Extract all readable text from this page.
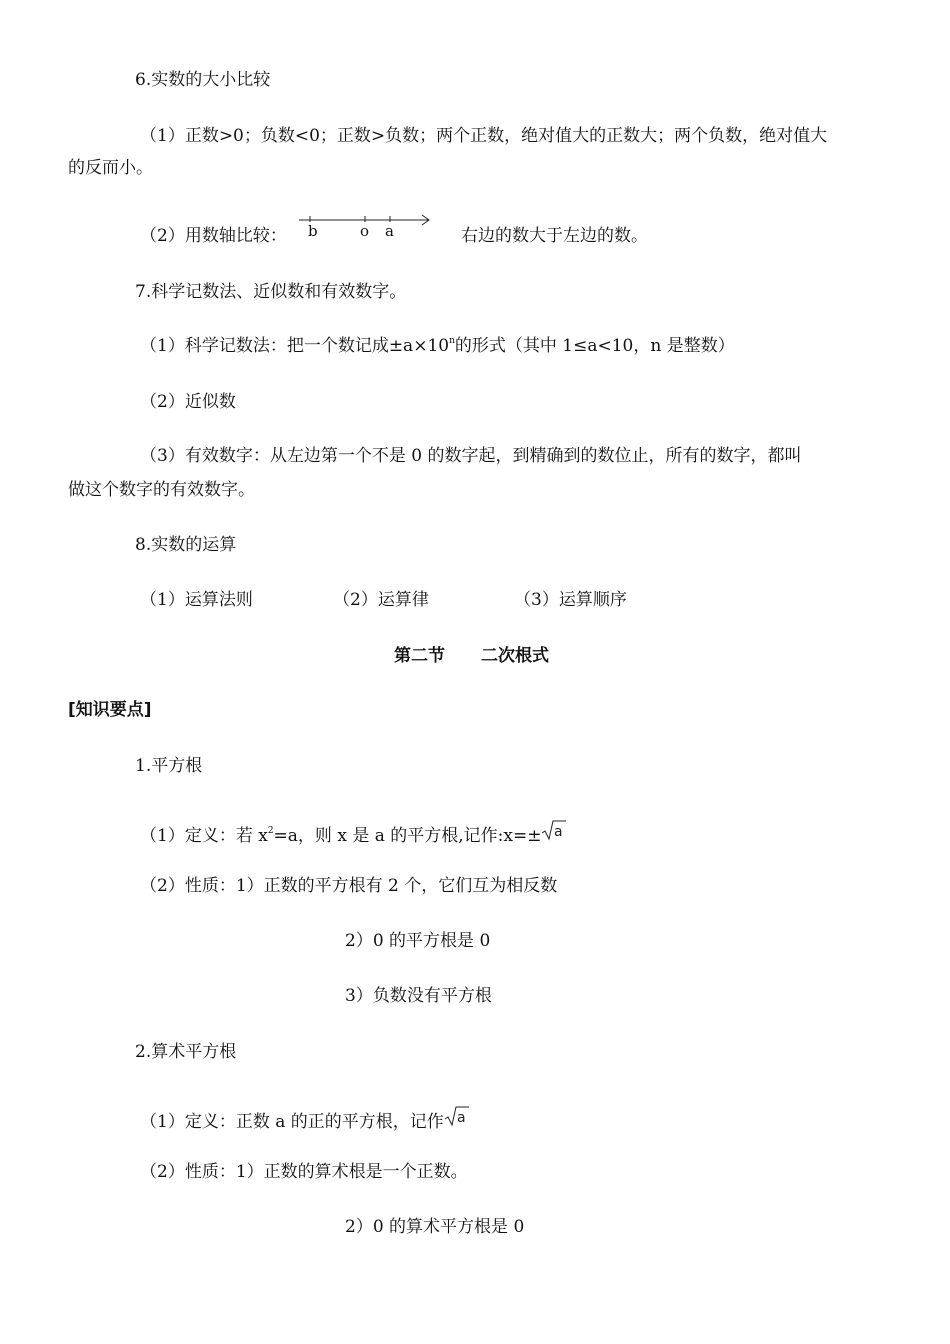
6.实数的大小比较
（1）正数>0；负数<0；正数>负数；两个正数，绝对值大的正数大；两个负数，绝对值大
的反而小。
（2）用数轴比较： b	o a	右边的数大于左边的数。
7.科学记数法、近似数和有效数字。
（1）科学记数法：把一个数记成$\pm a\times 10^n$的形式（其中 1≤a<10，n 是整数）
（2）近似数
（3）有效数字：从左边第一个不是 0 的数字起，到精确到的数位止，所有的数字，都叫
做这个数字的有效数字。
8.实数的运算
（1）运算法则	（2）运算律	（3）运算顺序
第二节 二次根式
[知识要点]
1.平方根
（1）定义：若 $x^2=a$，则 x 是 a 的平方根,记作:x=± a
（2）性质：1）正数的平方根有 2 个，它们互为相反数
2）0 的平方根是 0
3）负数没有平方根
2.算术平方根
（1）定义：正数 a 的正的平方根，记作 a
（2）性质：1）正数的算术根是一个正数。
2）0 的算术平方根是 0
